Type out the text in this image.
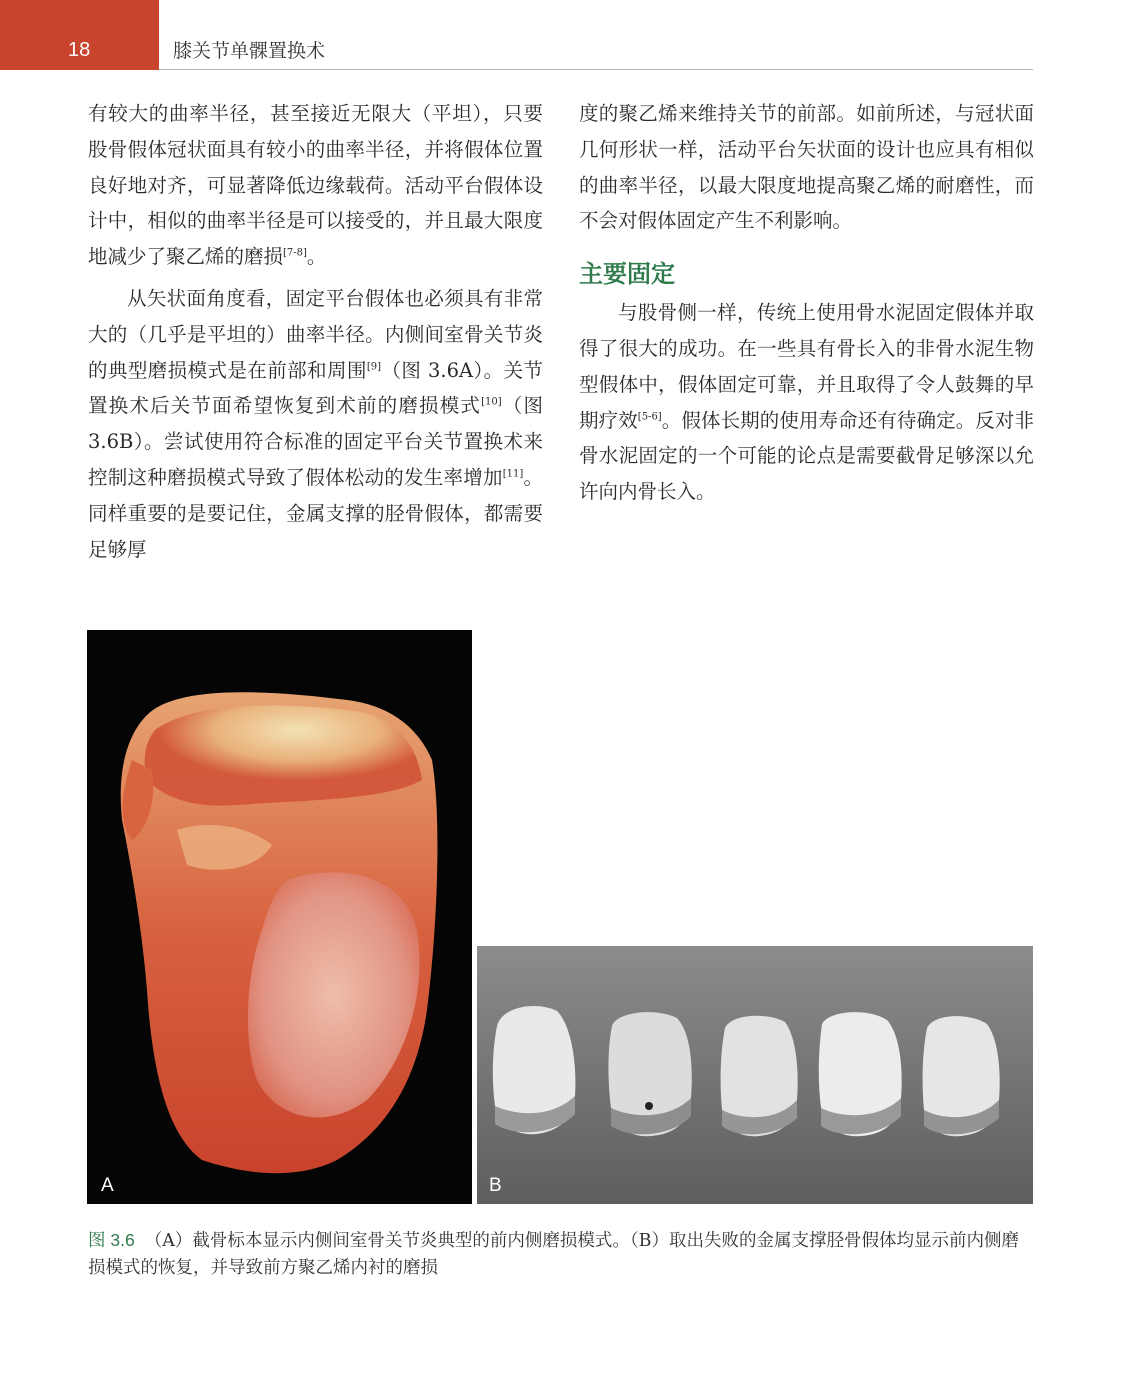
18	膝关节单髁置换术

有较大的曲率半径，甚至接近无限大（平坦），只要股骨假体冠状面具有较小的曲率半径，并将假体位置良好地对齐，可显著降低边缘载荷。活动平台假体设计中，相似的曲率半径是可以接受的，并且最大限度地减少了聚乙烯的磨损[7-8]。

从矢状面角度看，固定平台假体也必须具有非常大的（几乎是平坦的）曲率半径。内侧间室骨关节炎的典型磨损模式是在前部和周围[9]（图 3.6A）。关节置换术后关节面希望恢复到术前的磨损模式[10]（图 3.6B）。尝试使用符合标准的固定平台关节置换术来控制这种磨损模式导致了假体松动的发生率增加[11]。同样重要的是要记住，金属支撑的胫骨假体，都需要足够厚

度的聚乙烯来维持关节的前部。如前所述，与冠状面几何形状一样，活动平台矢状面的设计也应具有相似的曲率半径，以最大限度地提高聚乙烯的耐磨性，而不会对假体固定产生不利影响。

主要固定

与股骨侧一样，传统上使用骨水泥固定假体并取得了很大的成功。在一些具有骨长入的非骨水泥生物型假体中，假体固定可靠，并且取得了令人鼓舞的早期疗效[5-6]。假体长期的使用寿命还有待确定。反对非骨水泥固定的一个可能的论点是需要截骨足够深以允许向内骨长入。

A	B
图 3.6 （A）截骨标本显示内侧间室骨关节炎典型的前内侧磨损模式。（B）取出失败的金属支撑胫骨假体均显示前内侧磨损模式的恢复，并导致前方聚乙烯内衬的磨损
